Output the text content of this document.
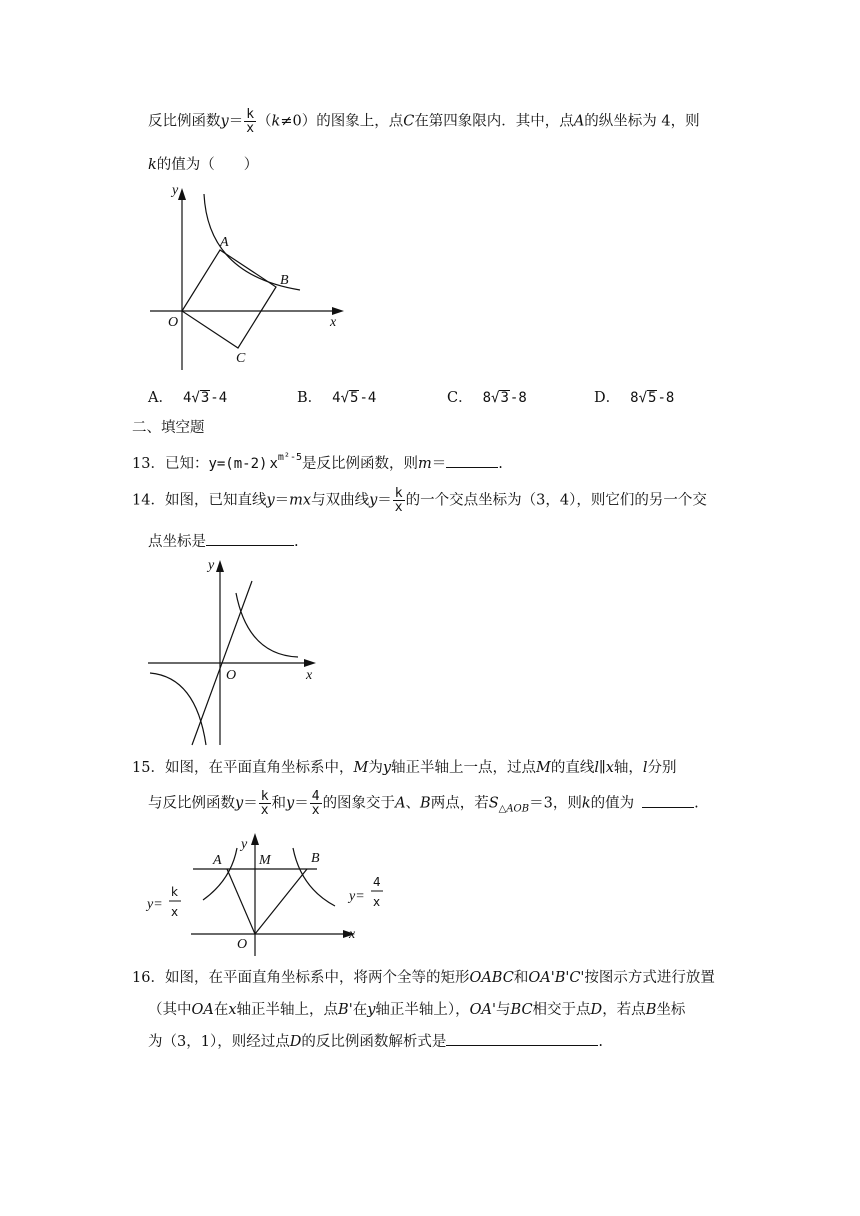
反比例函数$y= \frac{k}{x} (k\ne 0)$的图象上，点C在第四象限内．其中，点A的纵坐标为 4，则
k的值为（　　）
y
A
B
O	x
C
A． 4√3-4	B． 4√5-4	C． 8√3-8	D． 8√5-8
二、填空题
13．已知：y=(m-2) $x^{m^2-5}$是反比例函数，则m＝	.
14．如图，已知直线y＝mx与双曲线$y= \frac{k}{x}$ 的一个交点坐标为（3，4），则它们的另一个交
点坐标是	.
y
O	x
15．如图，在平面直角坐标系中，M为y轴正半轴上一点，过点M的直线l∥x轴，l分别
与反比例函数$y= \frac{k}{x}$ 和$y= \frac{4}{x}$ 的图象交于A、B两点，若$S_{\triangle AOB}=3$，则k的值为	.
y
A	M	B
O
x
y=
k
x
y=
4
x
16．如图，在平面直角坐标系中，将两个全等的矩形OABC和OA'B'C'按图示方式进行放置
（其中OA在x轴正半轴上，点B'在y轴正半轴上），OA'与BC相交于点D，若点B坐标
为（3，1），则经过点D的反比例函数解析式是	.
